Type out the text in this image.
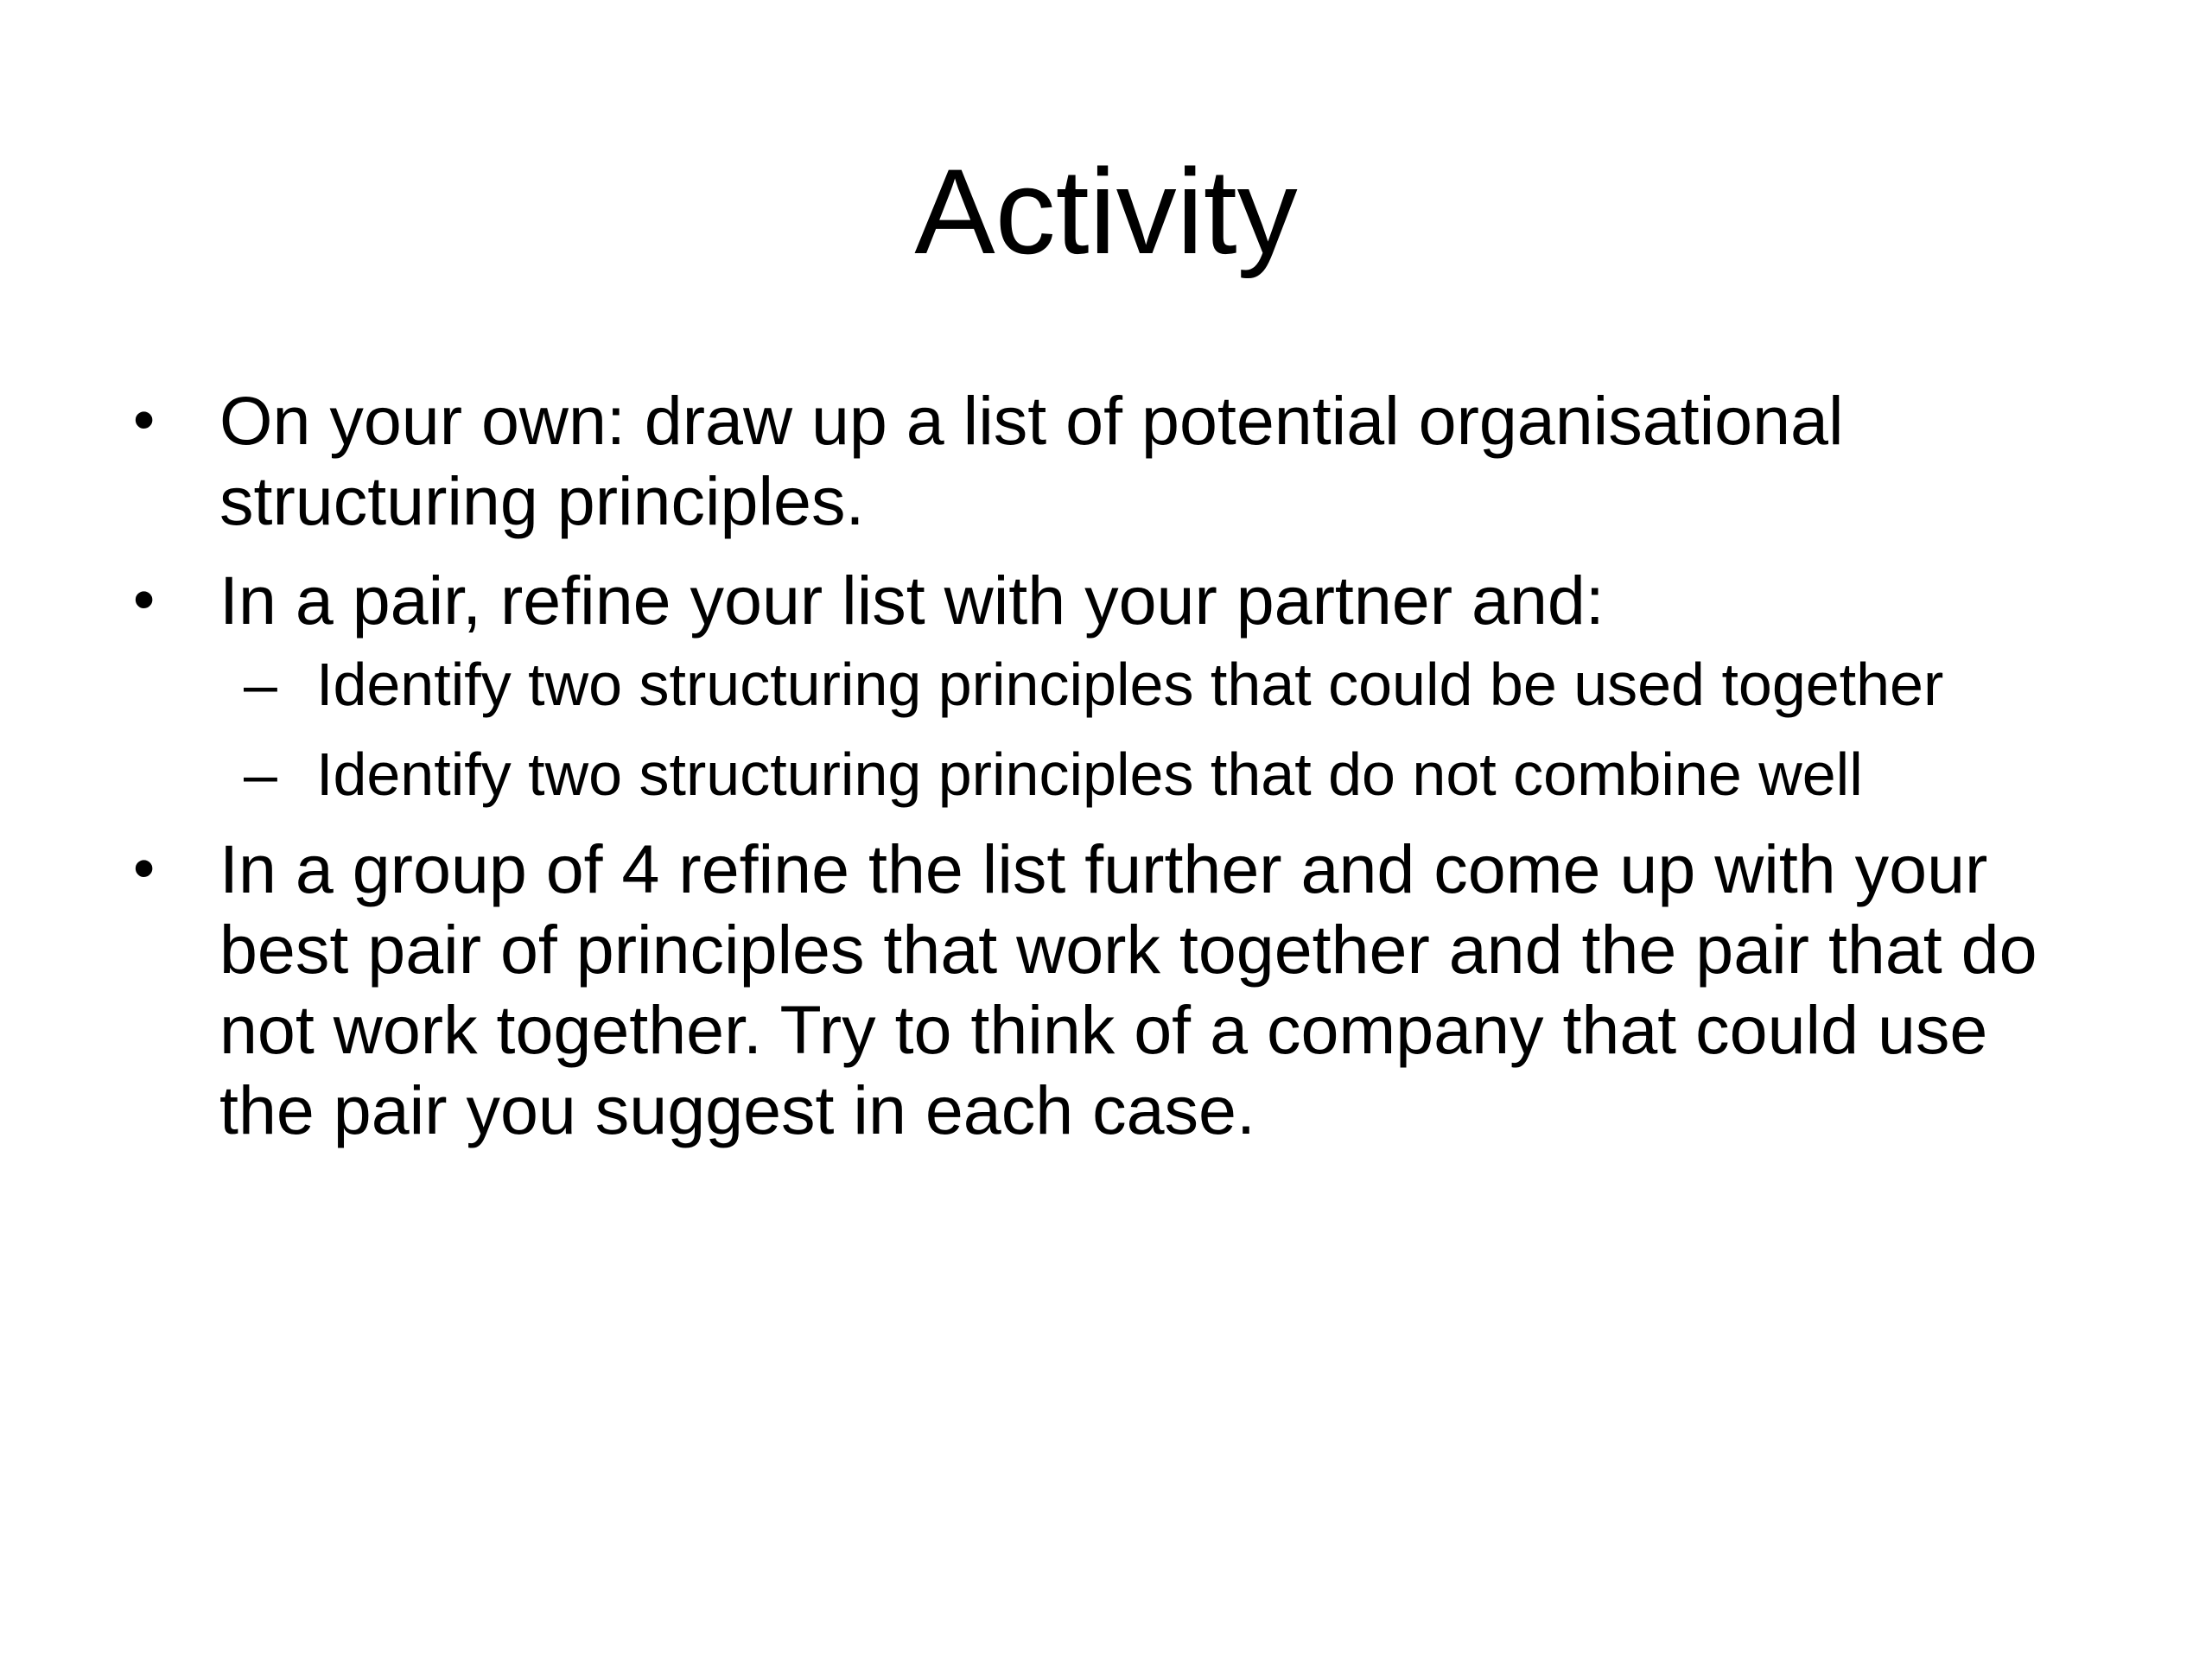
Activity
• On your own: draw up a list of potential organisational structuring principles.
• In a pair, refine your list with your partner and:
– Identify two structuring principles that could be used together
– Identify two structuring principles that do not combine well
• In a group of 4 refine the list further and come up with your best pair of principles that work together and the pair that do not work together. Try to think of a company that could use the pair you suggest in each case.
